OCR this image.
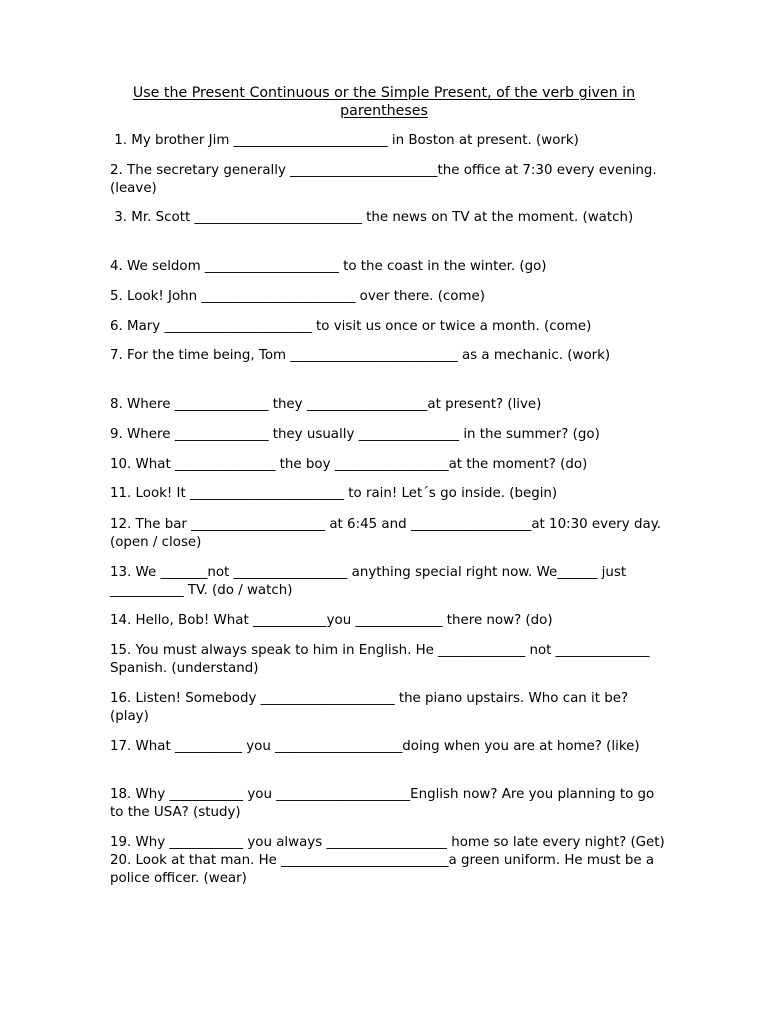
Use the Present Continuous or the Simple Present, of the verb given in parentheses
1. My brother Jim _______________________ in Boston at present. (work)
2. The secretary generally ______________________the office at 7:30 every evening. (leave)
3. Mr. Scott _________________________ the news on TV at the moment. (watch)
4. We seldom ____________________ to the coast in the winter. (go)
5. Look! John _______________________ over there. (come)
6. Mary ______________________ to visit us once or twice a month. (come)
7. For the time being, Tom _________________________ as a mechanic. (work)
8. Where ______________ they __________________at present? (live)
9. Where ______________ they usually _______________ in the summer? (go)
10. What _______________ the boy _________________at the moment? (do)
11. Look! It _______________________ to rain! Let´s go inside. (begin)
12. The bar ____________________ at 6:45 and __________________at 10:30 every day. (open / close)
13. We _______not _________________ anything special right now. We______ just ___________ TV. (do / watch)
14. Hello, Bob! What ___________you _____________ there now? (do)
15. You must always speak to him in English. He _____________ not ______________ Spanish. (understand)
16. Listen! Somebody ____________________ the piano upstairs. Who can it be? (play)
17. What __________ you ___________________doing when you are at home? (like)
18. Why ___________ you ____________________English now? Are you planning to go to the USA? (study)
19. Why ___________ you always __________________ home so late every night? (Get) 20. Look at that man. He _________________________a green uniform. He must be a police officer. (wear)
